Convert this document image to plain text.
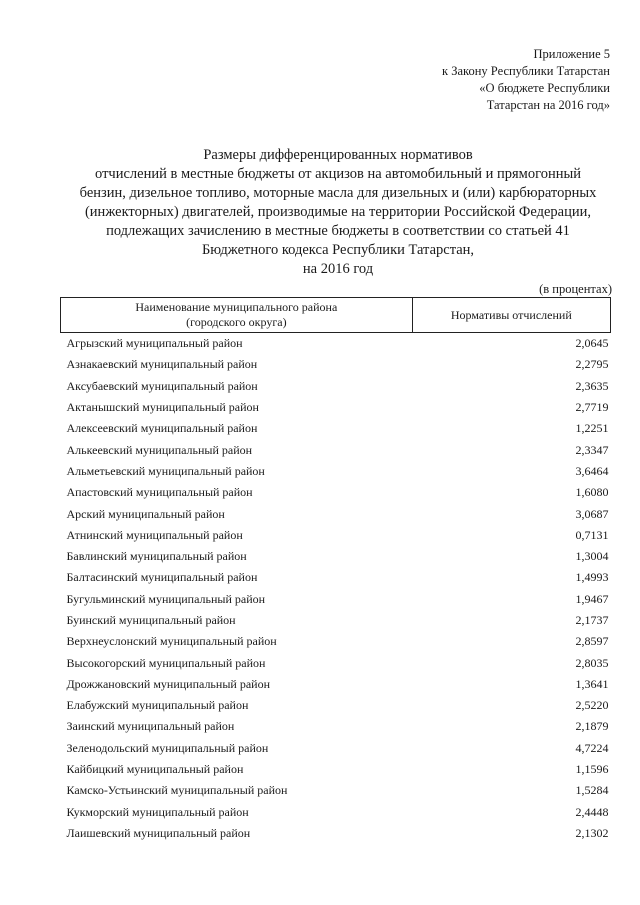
Приложение 5
к Закону Республики Татарстан
«О бюджете Республики
Татарстан на 2016 год»
Размеры дифференцированных нормативов
отчислений в местные бюджеты от акцизов на автомобильный и прямогонный
бензин, дизельное топливо, моторные масла для дизельных и (или) карбюраторных
(инжекторных) двигателей, производимые на территории Российской Федерации,
подлежащих зачислению в местные бюджеты в соответствии со статьей 41
Бюджетного кодекса Республики Татарстан,
на 2016 год
(в процентах)
Наименование муниципального района
(городского округа)	Нормативы отчислений
Агрызский муниципальный район	2,0645
Азнакаевский муниципальный район	2,2795
Аксубаевский муниципальный район	2,3635
Актанышский муниципальный район	2,7719
Алексеевский муниципальный район	1,2251
Алькеевский муниципальный район	2,3347
Альметьевский муниципальный район	3,6464
Апастовский муниципальный район	1,6080
Арский муниципальный район	3,0687
Атнинский муниципальный район	0,7131
Бавлинский муниципальный район	1,3004
Балтасинский муниципальный район	1,4993
Бугульминский муниципальный район	1,9467
Буинский муниципальный район	2,1737
Верхнеуслонский муниципальный район	2,8597
Высокогорский муниципальный район	2,8035
Дрожжановский муниципальный район	1,3641
Елабужский муниципальный район	2,5220
Заинский муниципальный район	2,1879
Зеленодольский муниципальный район	4,7224
Кайбицкий муниципальный район	1,1596
Камско-Устьинский муниципальный район	1,5284
Кукморский муниципальный район	2,4448
Лаишевский муниципальный район	2,1302
